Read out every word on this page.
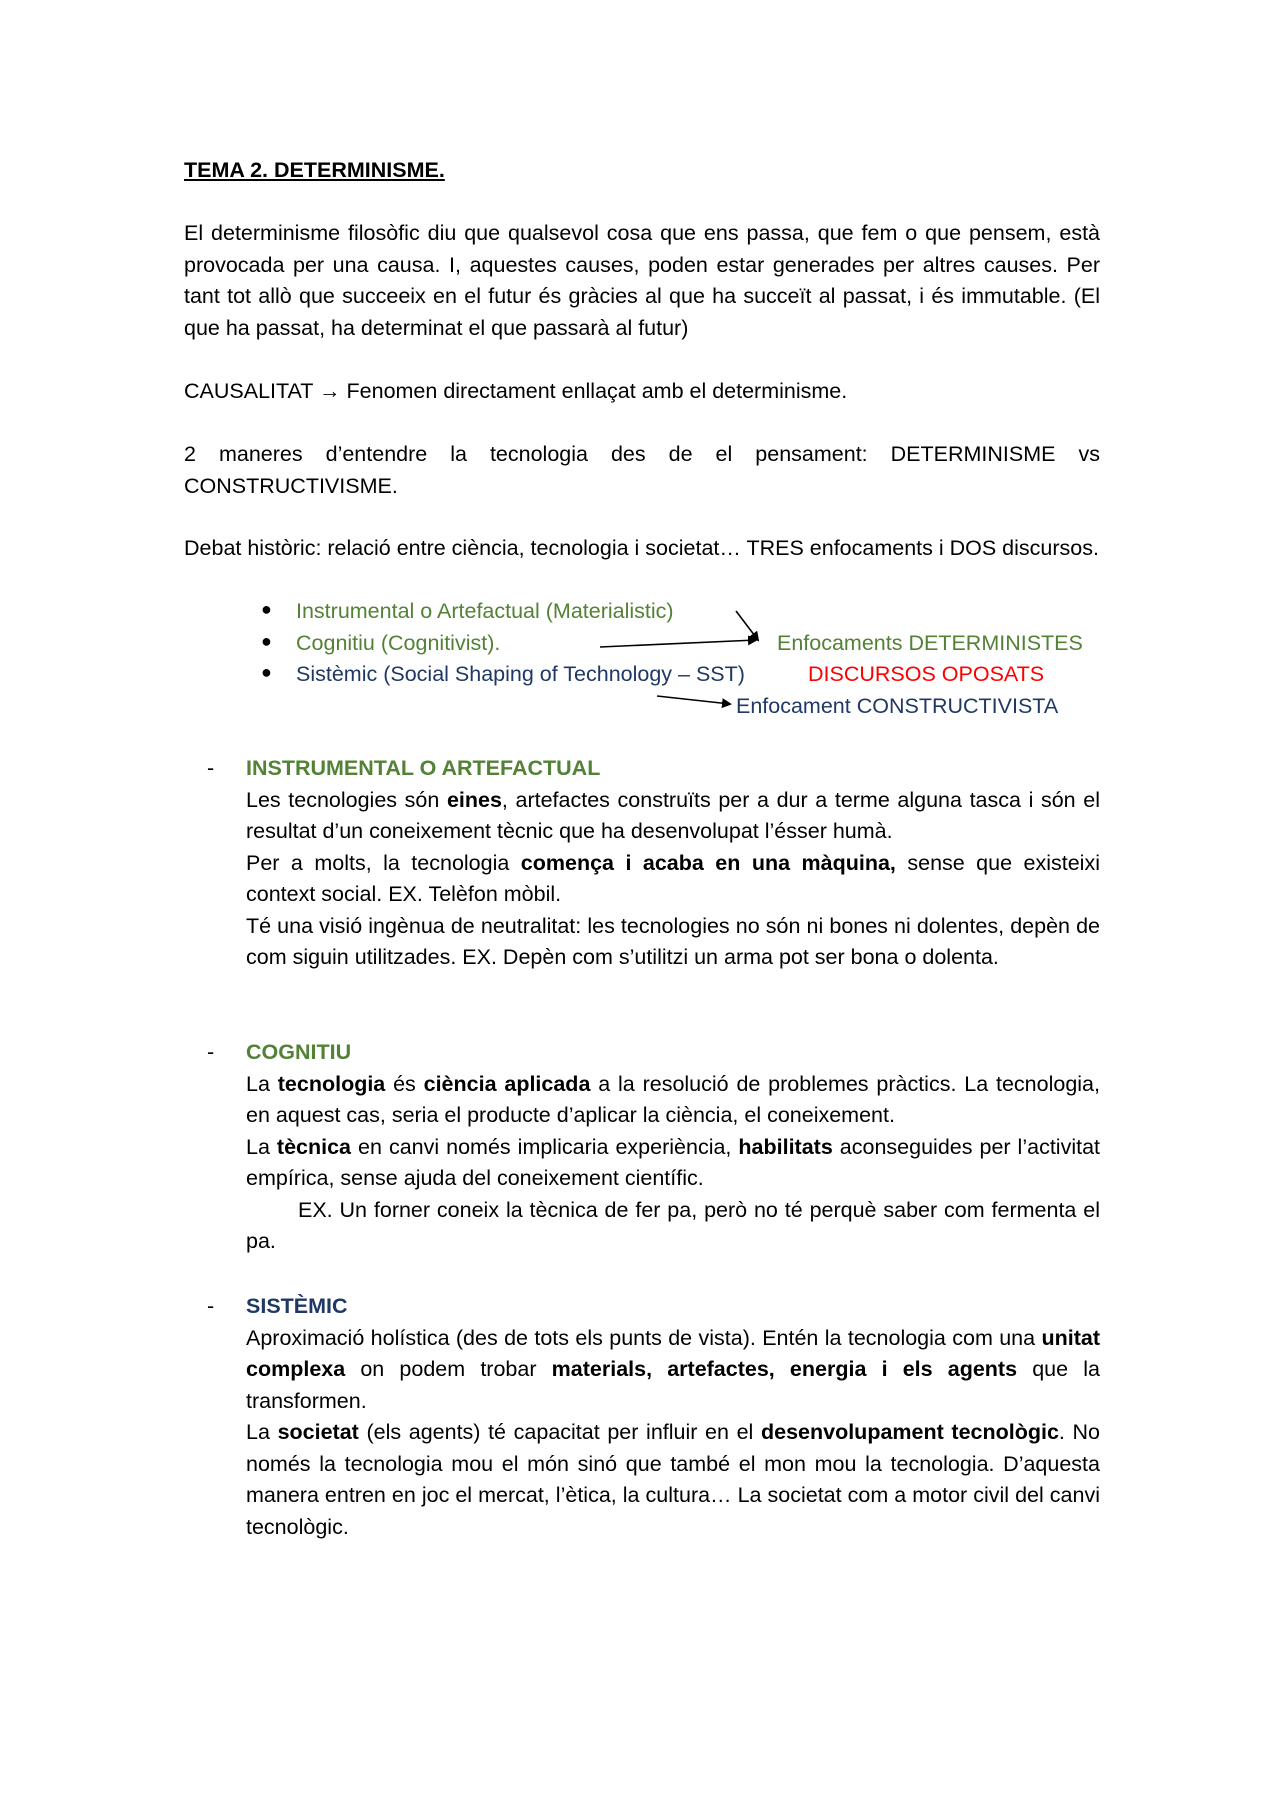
TEMA 2. DETERMINISME.

El determinisme filosòfic diu que qualsevol cosa que ens passa, que fem o que pensem, està provocada per una causa. I, aquestes causes, poden estar generades per altres causes. Per tant tot allò que succeeix en el futur és gràcies al que ha succeït al passat, i és immutable. (El que ha passat, ha determinat el que passarà al futur)

CAUSALITAT → Fenomen directament enllaçat amb el determinisme.

2 maneres d’entendre la tecnologia des de el pensament: DETERMINISME vs CONSTRUCTIVISME.

Debat històric: relació entre ciència, tecnologia i societat… TRES enfocaments i DOS discursos.

● Instrumental o Artefactual (Materialistic)
● Cognitiu (Cognitivist).
● Sistèmic (Social Shaping of Technology – SST)
Enfocaments DETERMINISTES
DISCURSOS OPOSATS
Enfocament CONSTRUCTIVISTA
- INSTRUMENTAL O ARTEFACTUAL
Les tecnologies són eines, artefactes construïts per a dur a terme alguna tasca i són el resultat d’un coneixement tècnic que ha desenvolupat l’ésser humà.
Per a molts, la tecnologia comença i acaba en una màquina, sense que existeixi context social. EX. Telèfon mòbil.
Té una visió ingènua de neutralitat: les tecnologies no són ni bones ni dolentes, depèn de com siguin utilitzades. EX. Depèn com s’utilitzi un arma pot ser bona o dolenta.
- COGNITIU
La tecnologia és ciència aplicada a la resolució de problemes pràctics. La tecnologia, en aquest cas, seria el producte d’aplicar la ciència, el coneixement.
La tècnica en canvi només implicaria experiència, habilitats aconseguides per l’activitat empírica, sense ajuda del coneixement científic.
EX. Un forner coneix la tècnica de fer pa, però no té perquè saber com fermenta el pa.
- SISTÈMIC
Aproximació holística (des de tots els punts de vista). Entén la tecnologia com una unitat complexa on podem trobar materials, artefactes, energia i els agents que la transformen.
La societat (els agents) té capacitat per influir en el desenvolupament tecnològic. No només la tecnologia mou el món sinó que també el mon mou la tecnologia. D’aquesta manera entren en joc el mercat, l’ètica, la cultura… La societat com a motor civil del canvi tecnològic.
